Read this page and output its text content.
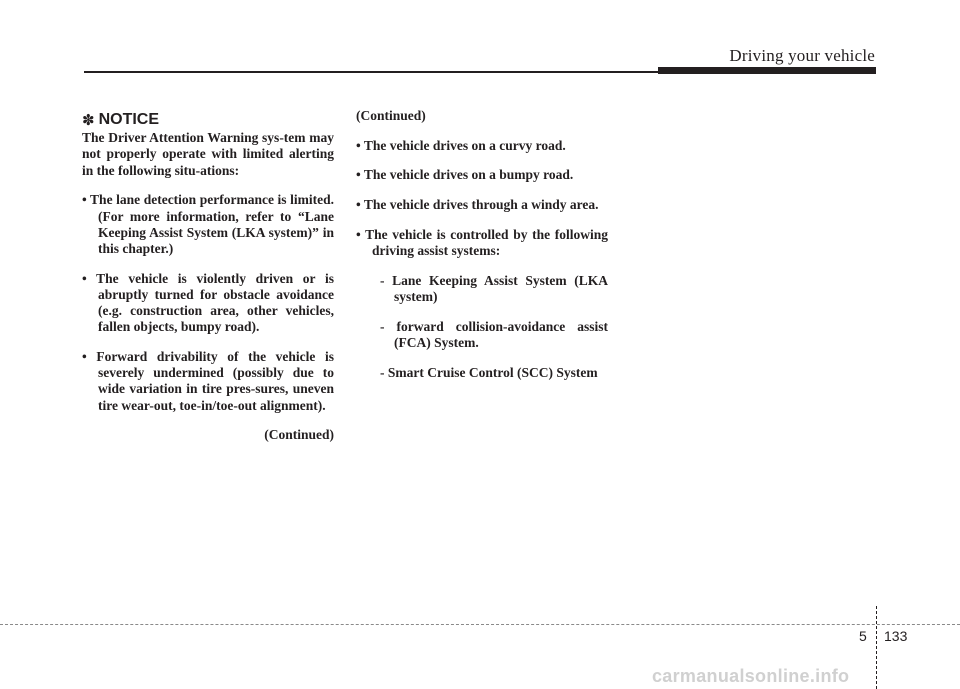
Driving your vehicle
✽ NOTICE

The Driver Attention Warning sys-tem may not properly operate with limited alerting in the following situ-ations:

• The lane detection performance is limited. (For more information, refer to “Lane Keeping Assist System (LKA system)” in this chapter.)

• The vehicle is violently driven or is abruptly turned for obstacle avoidance (e.g. construction area, other vehicles, fallen objects, bumpy road).

• Forward drivability of the vehicle is severely undermined (possibly due to wide variation in tire pres-sures, uneven tire wear-out, toe-in/toe-out alignment).

(Continued)

(Continued)

• The vehicle drives on a curvy road.

• The vehicle drives on a bumpy road.

• The vehicle drives through a windy area.

• The vehicle is controlled by the following driving assist systems:

- Lane Keeping Assist System (LKA system)

- forward collision-avoidance assist (FCA) System.

- Smart Cruise Control (SCC) System

5 133
carmanualsonline.info
